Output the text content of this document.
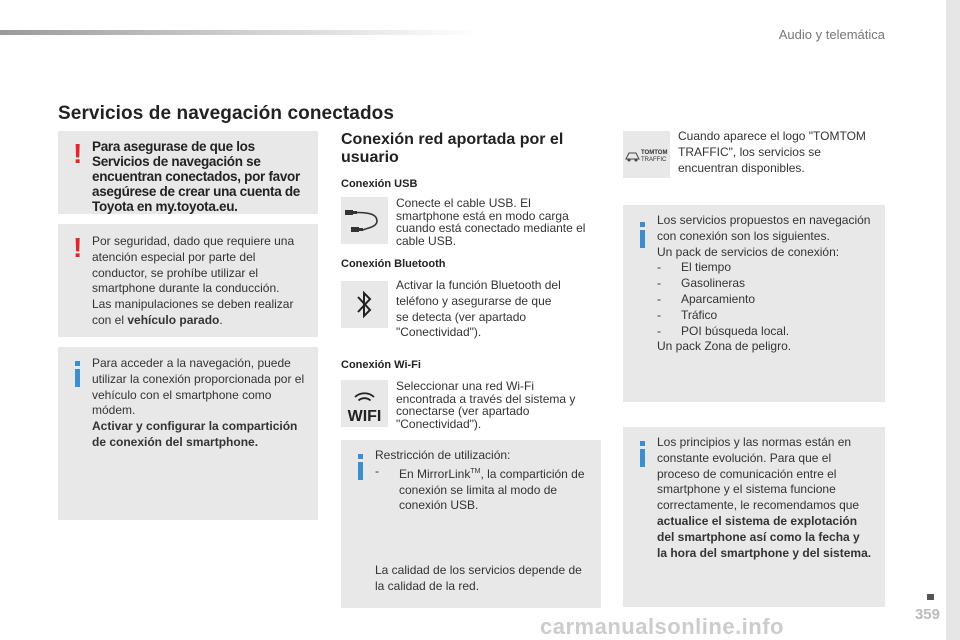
Audio y telemática
Servicios de navegación conectados
! Para asegurase de que los Servicios de navegación se encuentran conectados, por favor asegúrese de crear una cuenta de Toyota en my.toyota.eu.
! Por seguridad, dado que requiere una atención especial por parte del conductor, se prohíbe utilizar el smartphone durante la conducción. Las manipulaciones se deben realizar con el vehículo parado.
Para acceder a la navegación, puede utilizar la conexión proporcionada por el vehículo con el smartphone como módem.
Activar y configurar la compartición de conexión del smartphone.
Conexión red aportada por el usuario
Conexión USB
Conecte el cable USB. El smartphone está en modo carga cuando está conectado mediante el cable USB.
Conexión Bluetooth
Activar la función Bluetooth del teléfono y asegurarse de que se detecta (ver apartado "Conectividad").
Conexión Wi-Fi
WIFI
Seleccionar una red Wi-Fi encontrada a través del sistema y conectarse (ver apartado "Conectividad").
Restricción de utilización:
- En MirrorLink™, la compartición de conexión se limita al modo de conexión USB.
La calidad de los servicios depende de la calidad de la red.
TOMTOM
TRAFFIC
Cuando aparece el logo "TOMTOM TRAFFIC", los servicios se encuentran disponibles.
Los servicios propuestos en navegación con conexión son los siguientes.
Un pack de servicios de conexión:
- El tiempo
- Gasolineras
- Aparcamiento
- Tráfico
- POI búsqueda local.
Un pack Zona de peligro.
Los principios y las normas están en constante evolución. Para que el proceso de comunicación entre el smartphone y el sistema funcione correctamente, le recomendamos que actualice el sistema de explotación del smartphone así como la fecha y la hora del smartphone y del sistema.
359
carmanualsonline.info
